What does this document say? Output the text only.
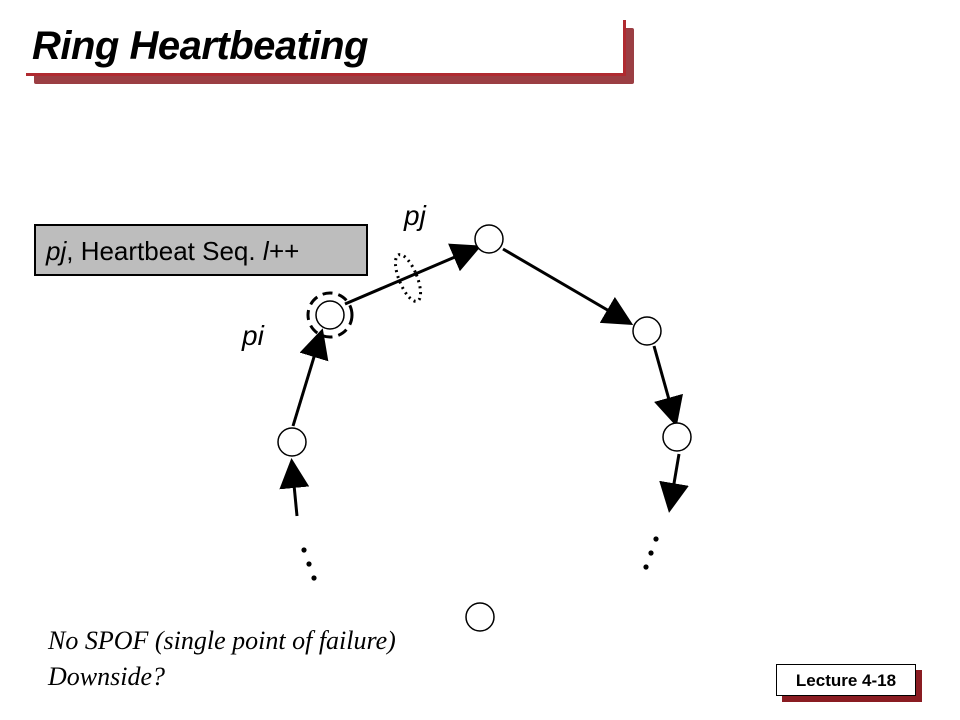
Ring Heartbeating
pj, Heartbeat Seq. l++
pj
pi
No SPOF (single point of failure)
Downside?	Lecture 4-18
